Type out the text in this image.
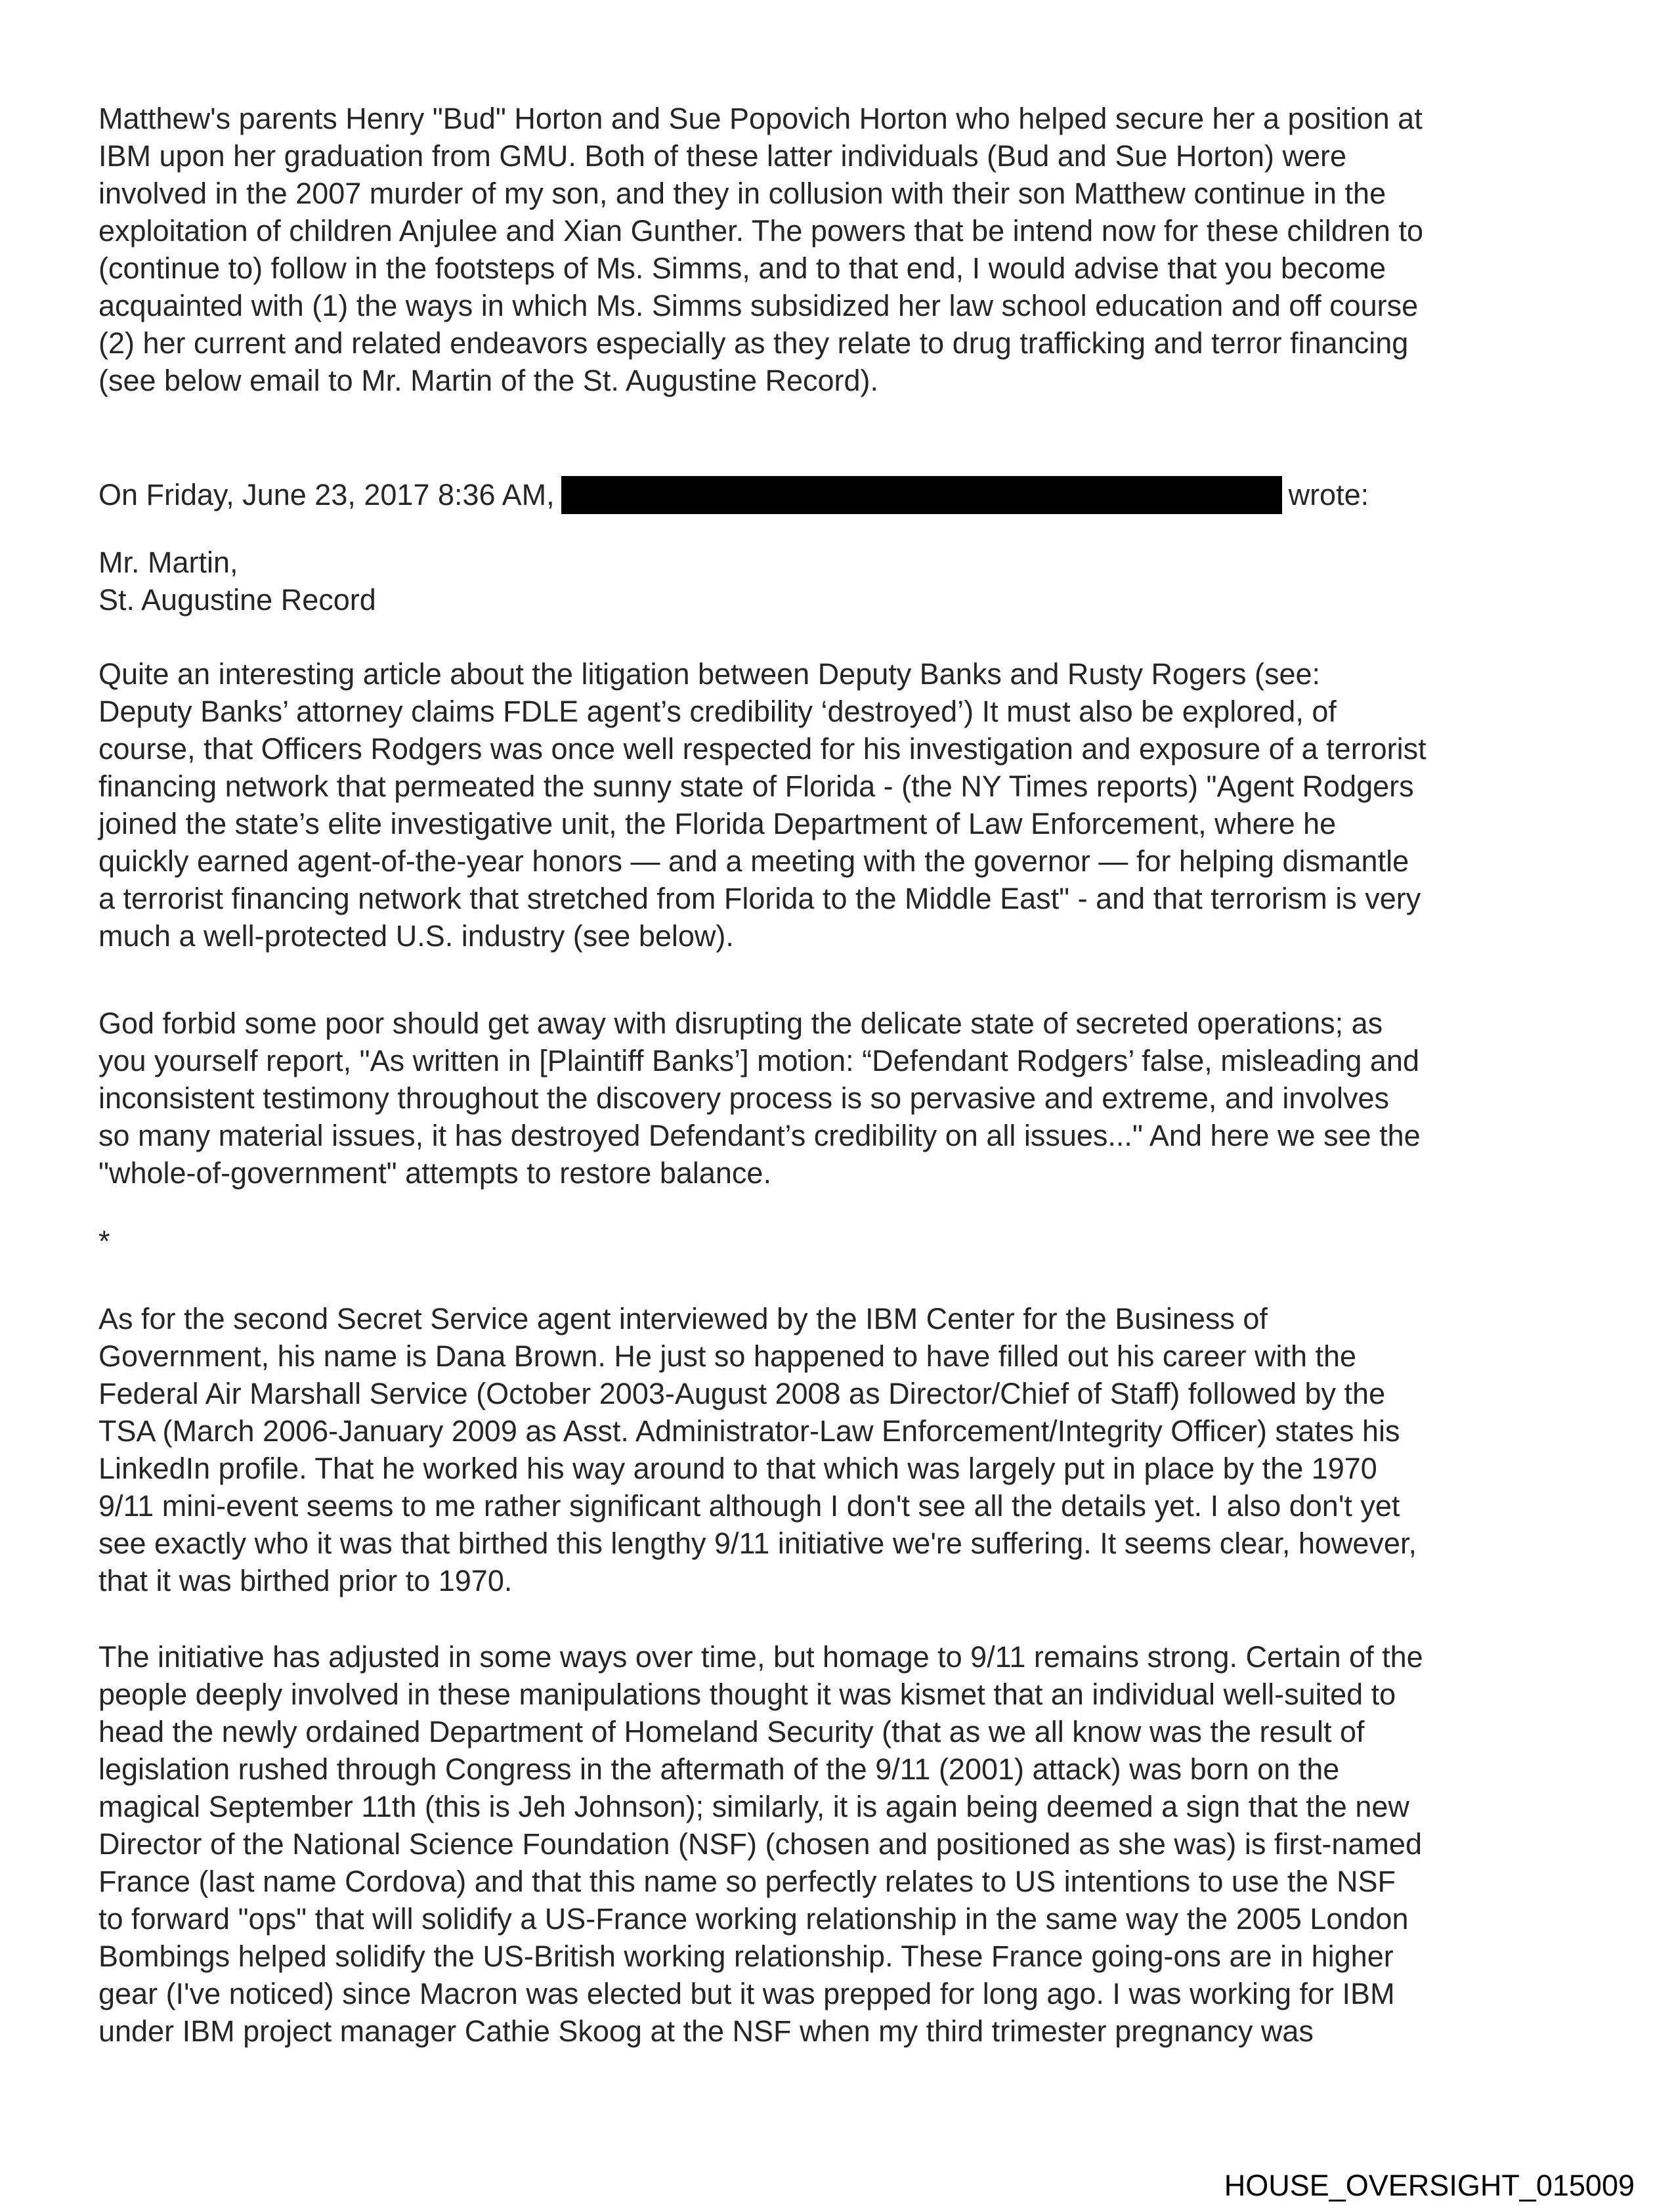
Matthew's parents Henry "Bud" Horton and Sue Popovich Horton who helped secure her a position at
IBM upon her graduation from GMU. Both of these latter individuals (Bud and Sue Horton) were
involved in the 2007 murder of my son, and they in collusion with their son Matthew continue in the
exploitation of children Anjulee and Xian Gunther. The powers that be intend now for these children to
(continue to) follow in the footsteps of Ms. Simms, and to that end, I would advise that you become
acquainted with (1) the ways in which Ms. Simms subsidized her law school education and off course
(2) her current and related endeavors especially as they relate to drug trafficking and terror financing
(see below email to Mr. Martin of the St. Augustine Record).
On Friday, June 23, 2017 8:36 AM,	wrote:
Mr. Martin,
St. Augustine Record
Quite an interesting article about the litigation between Deputy Banks and Rusty Rogers (see:
Deputy Banks’ attorney claims FDLE agent’s credibility ‘destroyed’) It must also be explored, of
course, that Officers Rodgers was once well respected for his investigation and exposure of a terrorist
financing network that permeated the sunny state of Florida - (the NY Times reports) "Agent Rodgers
joined the state’s elite investigative unit, the Florida Department of Law Enforcement, where he
quickly earned agent-of-the-year honors — and a meeting with the governor — for helping dismantle
a terrorist financing network that stretched from Florida to the Middle East" - and that terrorism is very
much a well-protected U.S. industry (see below).
God forbid some poor should get away with disrupting the delicate state of secreted operations; as
you yourself report, "As written in [Plaintiff Banks’] motion: “Defendant Rodgers’ false, misleading and
inconsistent testimony throughout the discovery process is so pervasive and extreme, and involves
so many material issues, it has destroyed Defendant’s credibility on all issues..." And here we see the
"whole-of-government" attempts to restore balance.
*
As for the second Secret Service agent interviewed by the IBM Center for the Business of
Government, his name is Dana Brown. He just so happened to have filled out his career with the
Federal Air Marshall Service (October 2003-August 2008 as Director/Chief of Staff) followed by the
TSA (March 2006-January 2009 as Asst. Administrator-Law Enforcement/Integrity Officer) states his
LinkedIn profile. That he worked his way around to that which was largely put in place by the 1970
9/11 mini-event seems to me rather significant although I don't see all the details yet. I also don't yet
see exactly who it was that birthed this lengthy 9/11 initiative we're suffering. It seems clear, however,
that it was birthed prior to 1970.
The initiative has adjusted in some ways over time, but homage to 9/11 remains strong. Certain of the
people deeply involved in these manipulations thought it was kismet that an individual well-suited to
head the newly ordained Department of Homeland Security (that as we all know was the result of
legislation rushed through Congress in the aftermath of the 9/11 (2001) attack) was born on the
magical September 11th (this is Jeh Johnson); similarly, it is again being deemed a sign that the new
Director of the National Science Foundation (NSF) (chosen and positioned as she was) is first-named
France (last name Cordova) and that this name so perfectly relates to US intentions to use the NSF
to forward "ops" that will solidify a US-France working relationship in the same way the 2005 London
Bombings helped solidify the US-British working relationship. These France going-ons are in higher
gear (I've noticed) since Macron was elected but it was prepped for long ago. I was working for IBM
under IBM project manager Cathie Skoog at the NSF when my third trimester pregnancy was
HOUSE_OVERSIGHT_015009
